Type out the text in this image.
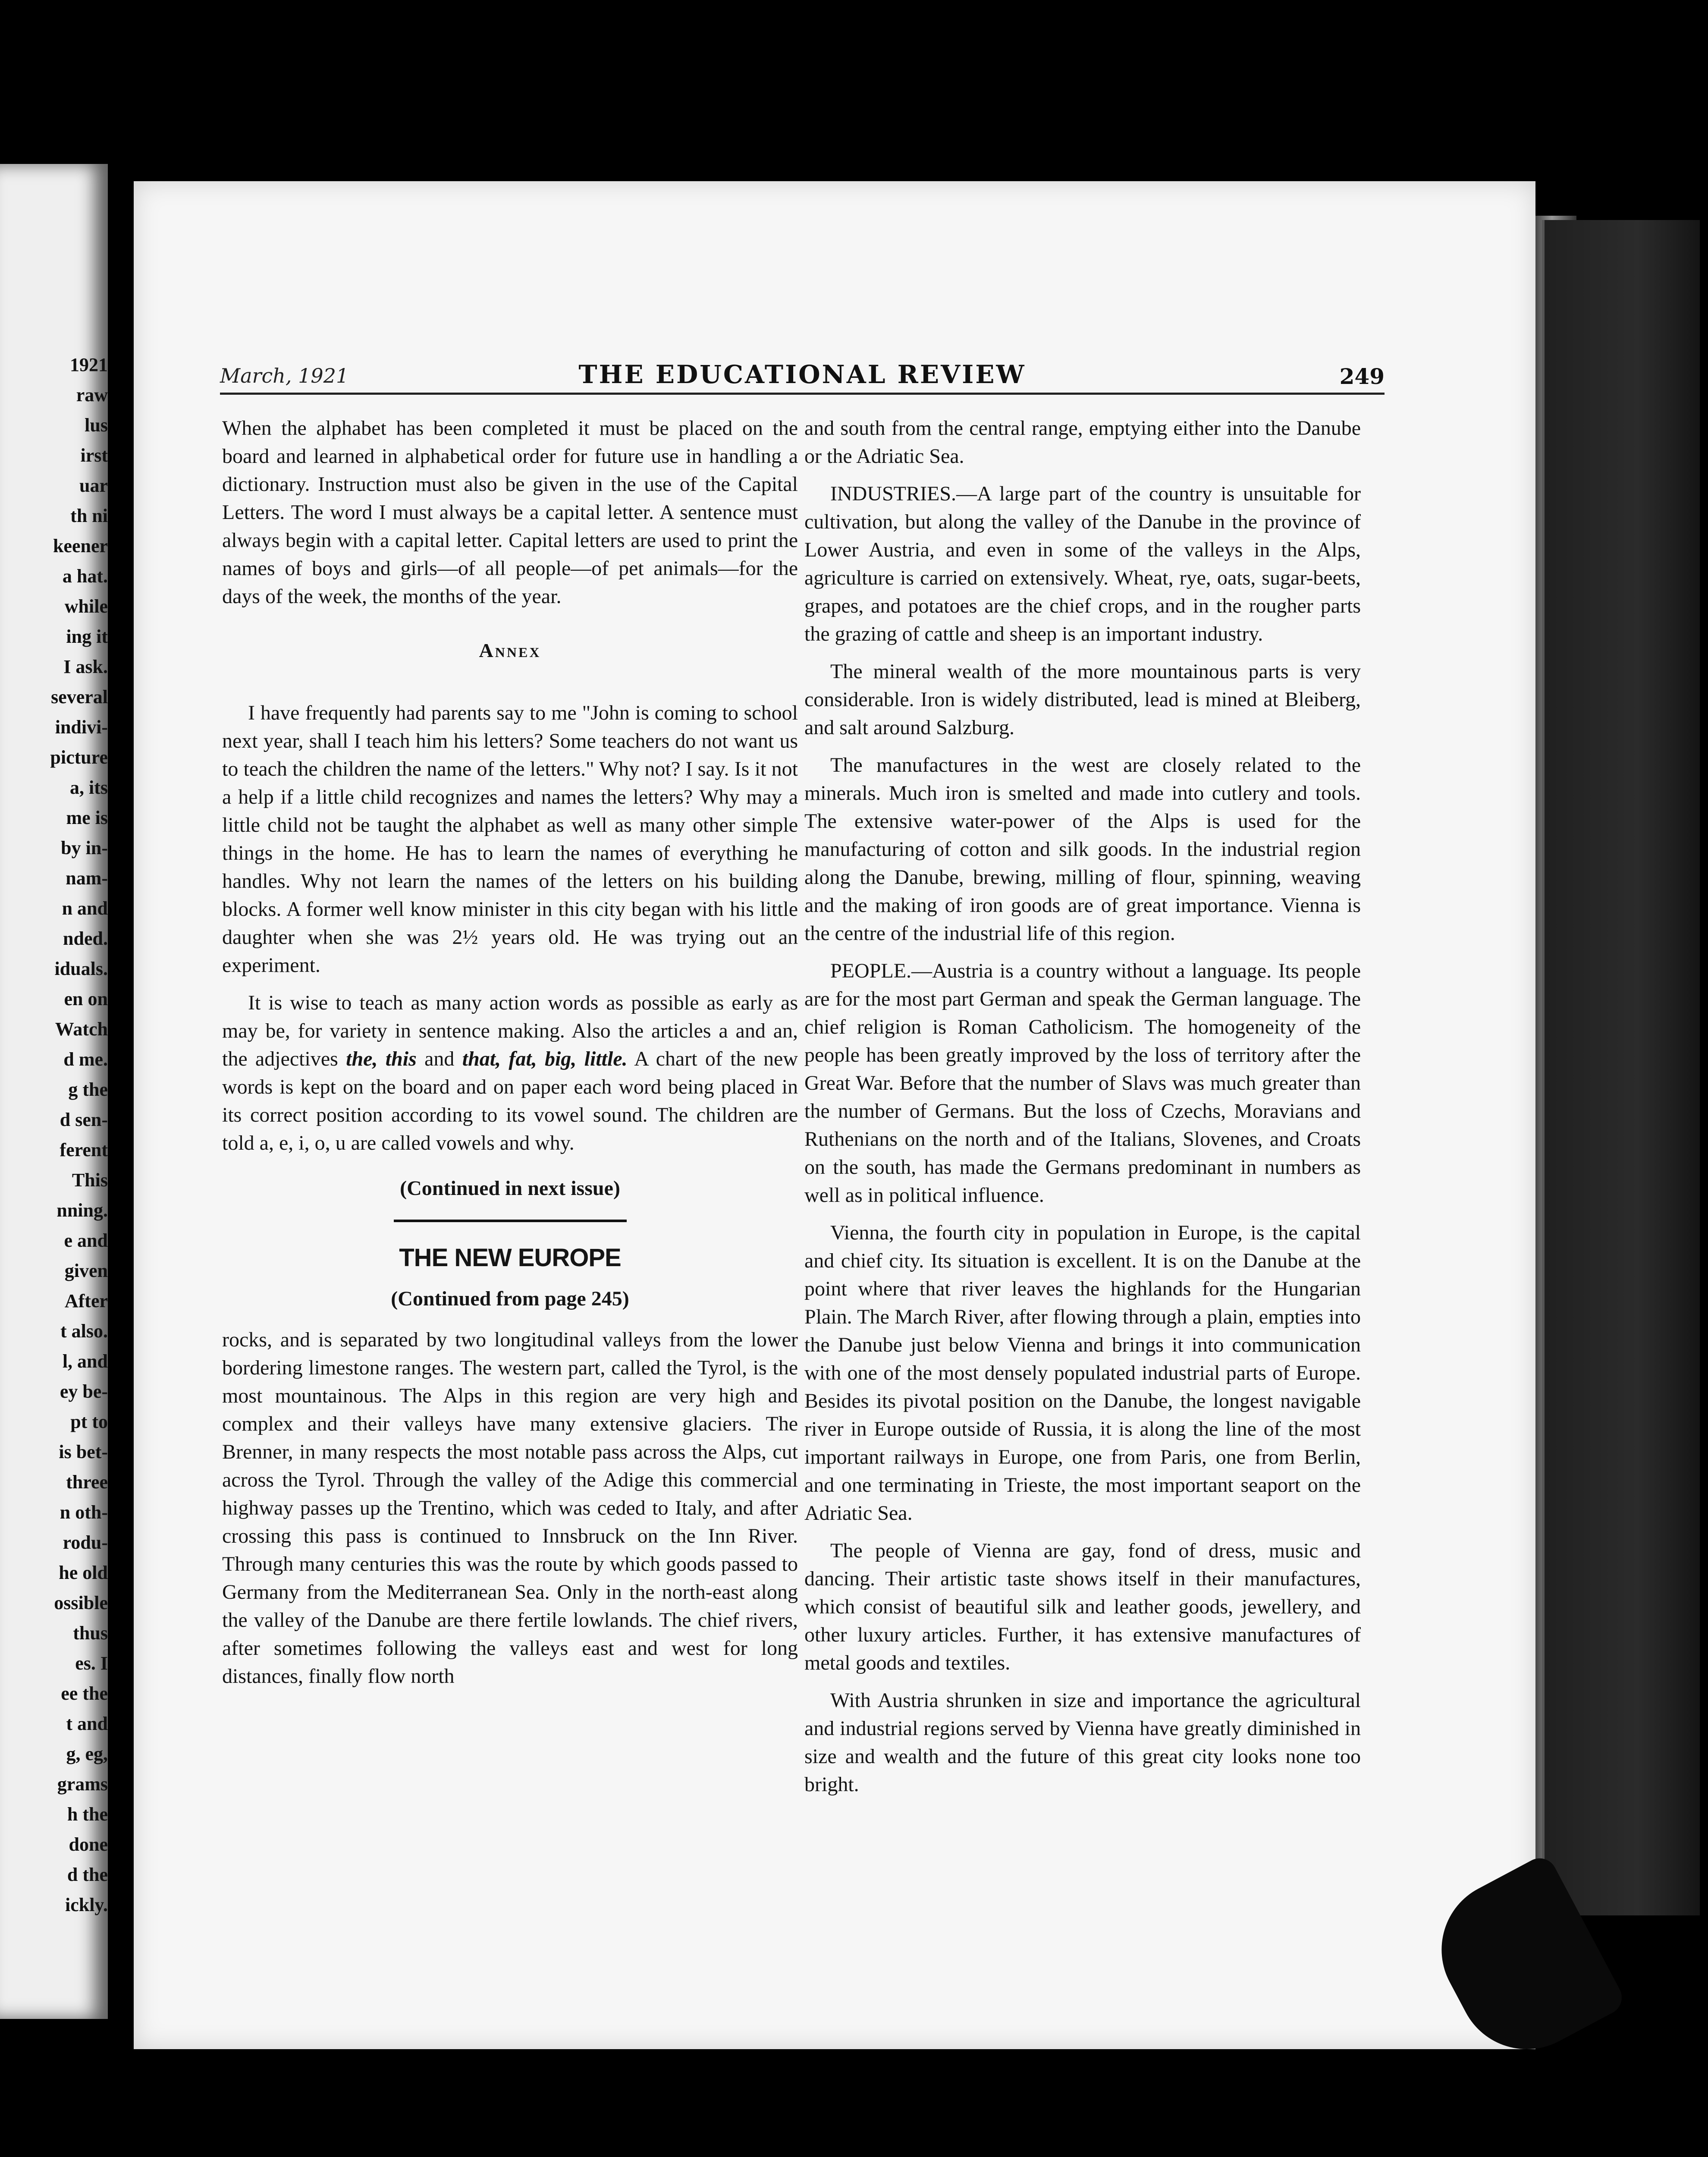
1921
raw
lus
irst
uar
th ni
keener
a hat.
while
ing it
I ask.
several
indivi-
picture
a, its
me is
by in-
nam-
n and
nded.
iduals.
en on
Watch
d me.
g the
d sen-
ferent
This
nning.
e and
given
After
t also.
l, and
ey be-
pt to
is bet-
three
n oth-
rodu-
he old
ossible
thus
es. I
ee the
t and
g, eg,
grams
h the
done
d the
ickly.

March, 1921	THE EDUCATIONAL REVIEW	249

When the alphabet has been completed it must be placed on the board and learned in alphabetical order for future use in handling a dictionary. Instruction must also be given in the use of the Capital Letters. The word I must always be a capital letter. A sentence must always begin with a capital letter. Capital letters are used to print the names of boys and girls—of all people—of pet animals—for the days of the week, the months of the year.

Annex

I have frequently had parents say to me "John is coming to school next year, shall I teach him his letters? Some teachers do not want us to teach the children the name of the letters." Why not? I say. Is it not a help if a little child recognizes and names the letters? Why may a little child not be taught the alphabet as well as many other simple things in the home. He has to learn the names of everything he handles. Why not learn the names of the letters on his building blocks. A former well know minister in this city began with his little daughter when she was 2½ years old. He was trying out an experiment.

It is wise to teach as many action words as possible as early as may be, for variety in sentence making. Also the articles a and an, the adjectives the, this and that, fat, big, little. A chart of the new words is kept on the board and on paper each word being placed in its correct position according to its vowel sound. The children are told a, e, i, o, u are called vowels and why.

(Continued in next issue)
THE NEW EUROPE
(Continued from page 245)

rocks, and is separated by two longitudinal valleys from the lower bordering limestone ranges. The western part, called the Tyrol, is the most mountainous. The Alps in this region are very high and complex and their valleys have many extensive glaciers. The Brenner, in many respects the most notable pass across the Alps, cut across the Tyrol. Through the valley of the Adige this commercial highway passes up the Trentino, which was ceded to Italy, and after crossing this pass is continued to Innsbruck on the Inn River. Through many centuries this was the route by which goods passed to Germany from the Mediterranean Sea. Only in the north-east along the valley of the Danube are there fertile lowlands. The chief rivers, after sometimes following the valleys east and west for long distances, finally flow north

and south from the central range, emptying either into the Danube or the Adriatic Sea.

INDUSTRIES.—A large part of the country is unsuitable for cultivation, but along the valley of the Danube in the province of Lower Austria, and even in some of the valleys in the Alps, agriculture is carried on extensively. Wheat, rye, oats, sugar-beets, grapes, and potatoes are the chief crops, and in the rougher parts the grazing of cattle and sheep is an important industry.

The mineral wealth of the more mountainous parts is very considerable. Iron is widely distributed, lead is mined at Bleiberg, and salt around Salzburg.

The manufactures in the west are closely related to the minerals. Much iron is smelted and made into cutlery and tools. The extensive water-power of the Alps is used for the manufacturing of cotton and silk goods. In the industrial region along the Danube, brewing, milling of flour, spinning, weaving and the making of iron goods are of great importance. Vienna is the centre of the industrial life of this region.

PEOPLE.—Austria is a country without a language. Its people are for the most part German and speak the German language. The chief religion is Roman Catholicism. The homogeneity of the people has been greatly improved by the loss of territory after the Great War. Before that the number of Slavs was much greater than the number of Germans. But the loss of Czechs, Moravians and Ruthenians on the north and of the Italians, Slovenes, and Croats on the south, has made the Germans predominant in numbers as well as in political influence.

Vienna, the fourth city in population in Europe, is the capital and chief city. Its situation is excellent. It is on the Danube at the point where that river leaves the highlands for the Hungarian Plain. The March River, after flowing through a plain, empties into the Danube just below Vienna and brings it into communication with one of the most densely populated industrial parts of Europe. Besides its pivotal position on the Danube, the longest navigable river in Europe outside of Russia, it is along the line of the most important railways in Europe, one from Paris, one from Berlin, and one terminating in Trieste, the most important seaport on the Adriatic Sea.

The people of Vienna are gay, fond of dress, music and dancing. Their artistic taste shows itself in their manufactures, which consist of beautiful silk and leather goods, jewellery, and other luxury articles. Further, it has extensive manufactures of metal goods and textiles.

With Austria shrunken in size and importance the agricultural and industrial regions served by Vienna have greatly diminished in size and wealth and the future of this great city looks none too bright.
